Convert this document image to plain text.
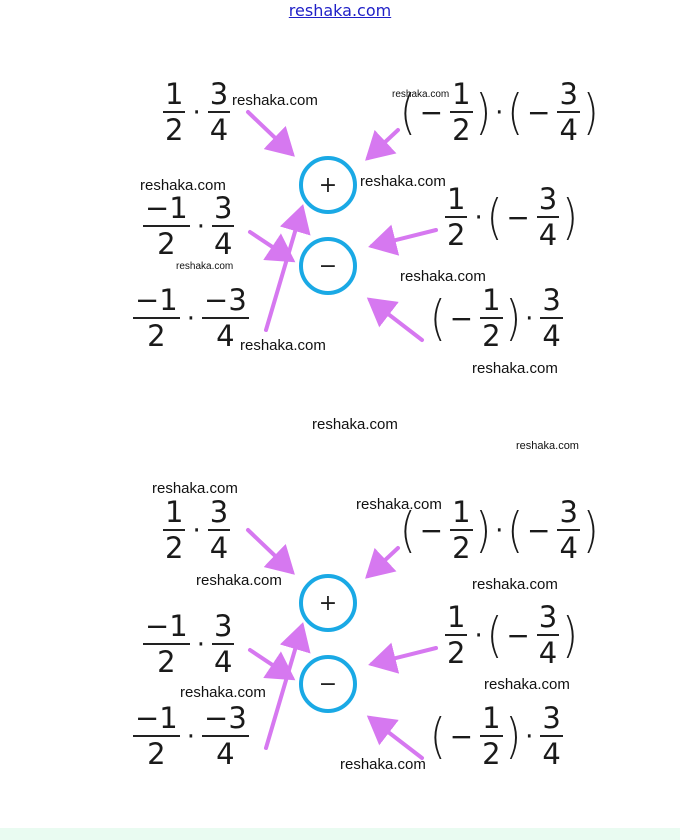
reshaka.com
+
−
$\frac{1}{2} \cdot \frac{3}{4}$
$\frac{-1}{2} \cdot \frac{3}{4}$
$\frac{-1}{2} \cdot \frac{-3}{4}$
( − $\frac{1}{2}$ ) · ( − $\frac{3}{4}$ )
$\frac{1}{2}$ · ( − $\frac{3}{4}$ )
( − $\frac{1}{2}$ ) · $\frac{3}{4}$
reshaka.com	reshaka.com
reshaka.com	reshaka.com
reshaka.com
reshaka.com
reshaka.com
reshaka.com
reshaka.com
reshaka.com
+
−
$\frac{1}{2} \cdot \frac{3}{4}$
$\frac{-1}{2} \cdot \frac{3}{4}$
$\frac{-1}{2} \cdot \frac{-3}{4}$
( − $\frac{1}{2}$ ) · ( − $\frac{3}{4}$ )
$\frac{1}{2}$ · ( − $\frac{3}{4}$ )
( − $\frac{1}{2}$ ) · $\frac{3}{4}$
reshaka.com
reshaka.com
reshaka.com	reshaka.com
reshaka.com	reshaka.com
reshaka.com
